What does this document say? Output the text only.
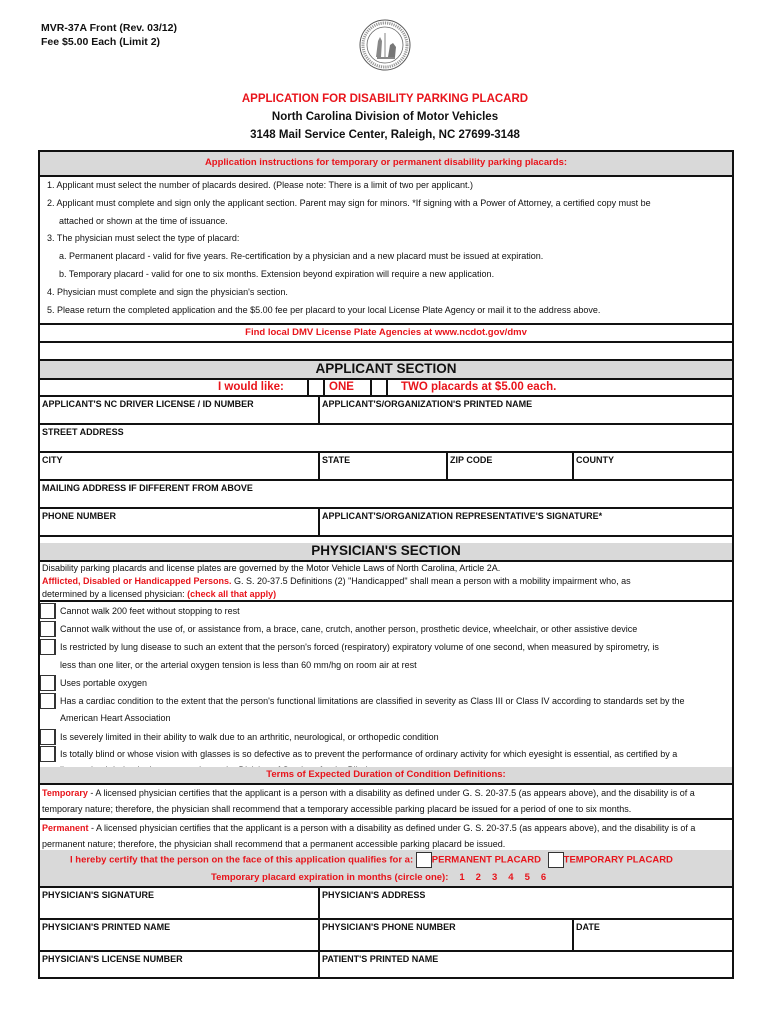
MVR-37A Front (Rev. 03/12)
Fee $5.00 Each (Limit 2)
APPLICATION FOR DISABILITY PARKING PLACARD
North Carolina Division of Motor Vehicles
3148 Mail Service Center, Raleigh, NC 27699-3148
Application instructions for temporary or permanent disability parking placards:
1. Applicant must select the number of placards desired. (Please note: There is a limit of two per applicant.)
2. Applicant must complete and sign only the applicant section. Parent may sign for minors. *If signing with a Power of Attorney, a certified copy must be
attached or shown at the time of issuance.
3. The physician must select the type of placard:
a. Permanent placard - valid for five years. Re-certification by a physician and a new placard must be issued at expiration.
b. Temporary placard - valid for one to six months. Extension beyond expiration will require a new application.
4. Physician must complete and sign the physician's section.
5. Please return the completed application and the $5.00 fee per placard to your local License Plate Agency or mail it to the address above.
Find local DMV License Plate Agencies at www.ncdot.gov/dmv
APPLICANT SECTION
I would like:	ONE	TWO placards at $5.00 each.
APPLICANT'S NC DRIVER LICENSE / ID NUMBER	APPLICANT'S/ORGANIZATION'S PRINTED NAME
STREET ADDRESS
CITY	STATE	ZIP CODE	COUNTY
MAILING ADDRESS IF DIFFERENT FROM ABOVE
PHONE NUMBER	APPLICANT'S/ORGANIZATION REPRESENTATIVE'S SIGNATURE*
PHYSICIAN'S SECTION
Disability parking placards and license plates are governed by the Motor Vehicle Laws of North Carolina, Article 2A.
Afflicted, Disabled or Handicapped Persons. G. S. 20-37.5 Definitions (2) "Handicapped" shall mean a person with a mobility impairment who, as
determined by a licensed physician: (check all that apply)
Cannot walk 200 feet without stopping to rest
Cannot walk without the use of, or assistance from, a brace, cane, crutch, another person, prosthetic device, wheelchair, or other assistive device
Is restricted by lung disease to such an extent that the person's forced (respiratory) expiratory volume of one second, when measured by spirometry, is
less than one liter, or the arterial oxygen tension is less than 60 mm/hg on room air at rest
Uses portable oxygen
Has a cardiac condition to the extent that the person's functional limitations are classified in severity as Class III or Class IV according to standards set by the
American Heart Association
Is severely limited in their ability to walk due to an arthritic, neurological, or orthopedic condition
Is totally blind or whose vision with glasses is so defective as to prevent the performance of ordinary activity for which eyesight is essential, as certified by a
Terms of Expected Duration of Condition Definitions:
Temporary - A licensed physician certifies that the applicant is a person with a disability as defined under G. S. 20-37.5 (as appears above), and the disability is of a temporary nature; therefore, the physician shall recommend that a temporary accessible parking placard be issued for a period of one to six months.
Permanent - A licensed physician certifies that the applicant is a person with a disability as defined under G. S. 20-37.5 (as appears above), and the disability is of a permanent nature; therefore, the physician shall recommend that a permanent accessible parking placard be issued.
I hereby certify that the person on the face of this application qualifies for a: PERMANENT PLACARD TEMPORARY PLACARD
Temporary placard expiration in months (circle one): 1 2 3 4 5 6
PHYSICIAN'S SIGNATURE	PHYSICIAN'S ADDRESS
PHYSICIAN'S PRINTED NAME	PHYSICIAN'S PHONE NUMBER	DATE
PHYSICIAN'S LICENSE NUMBER	PATIENT'S PRINTED NAME
